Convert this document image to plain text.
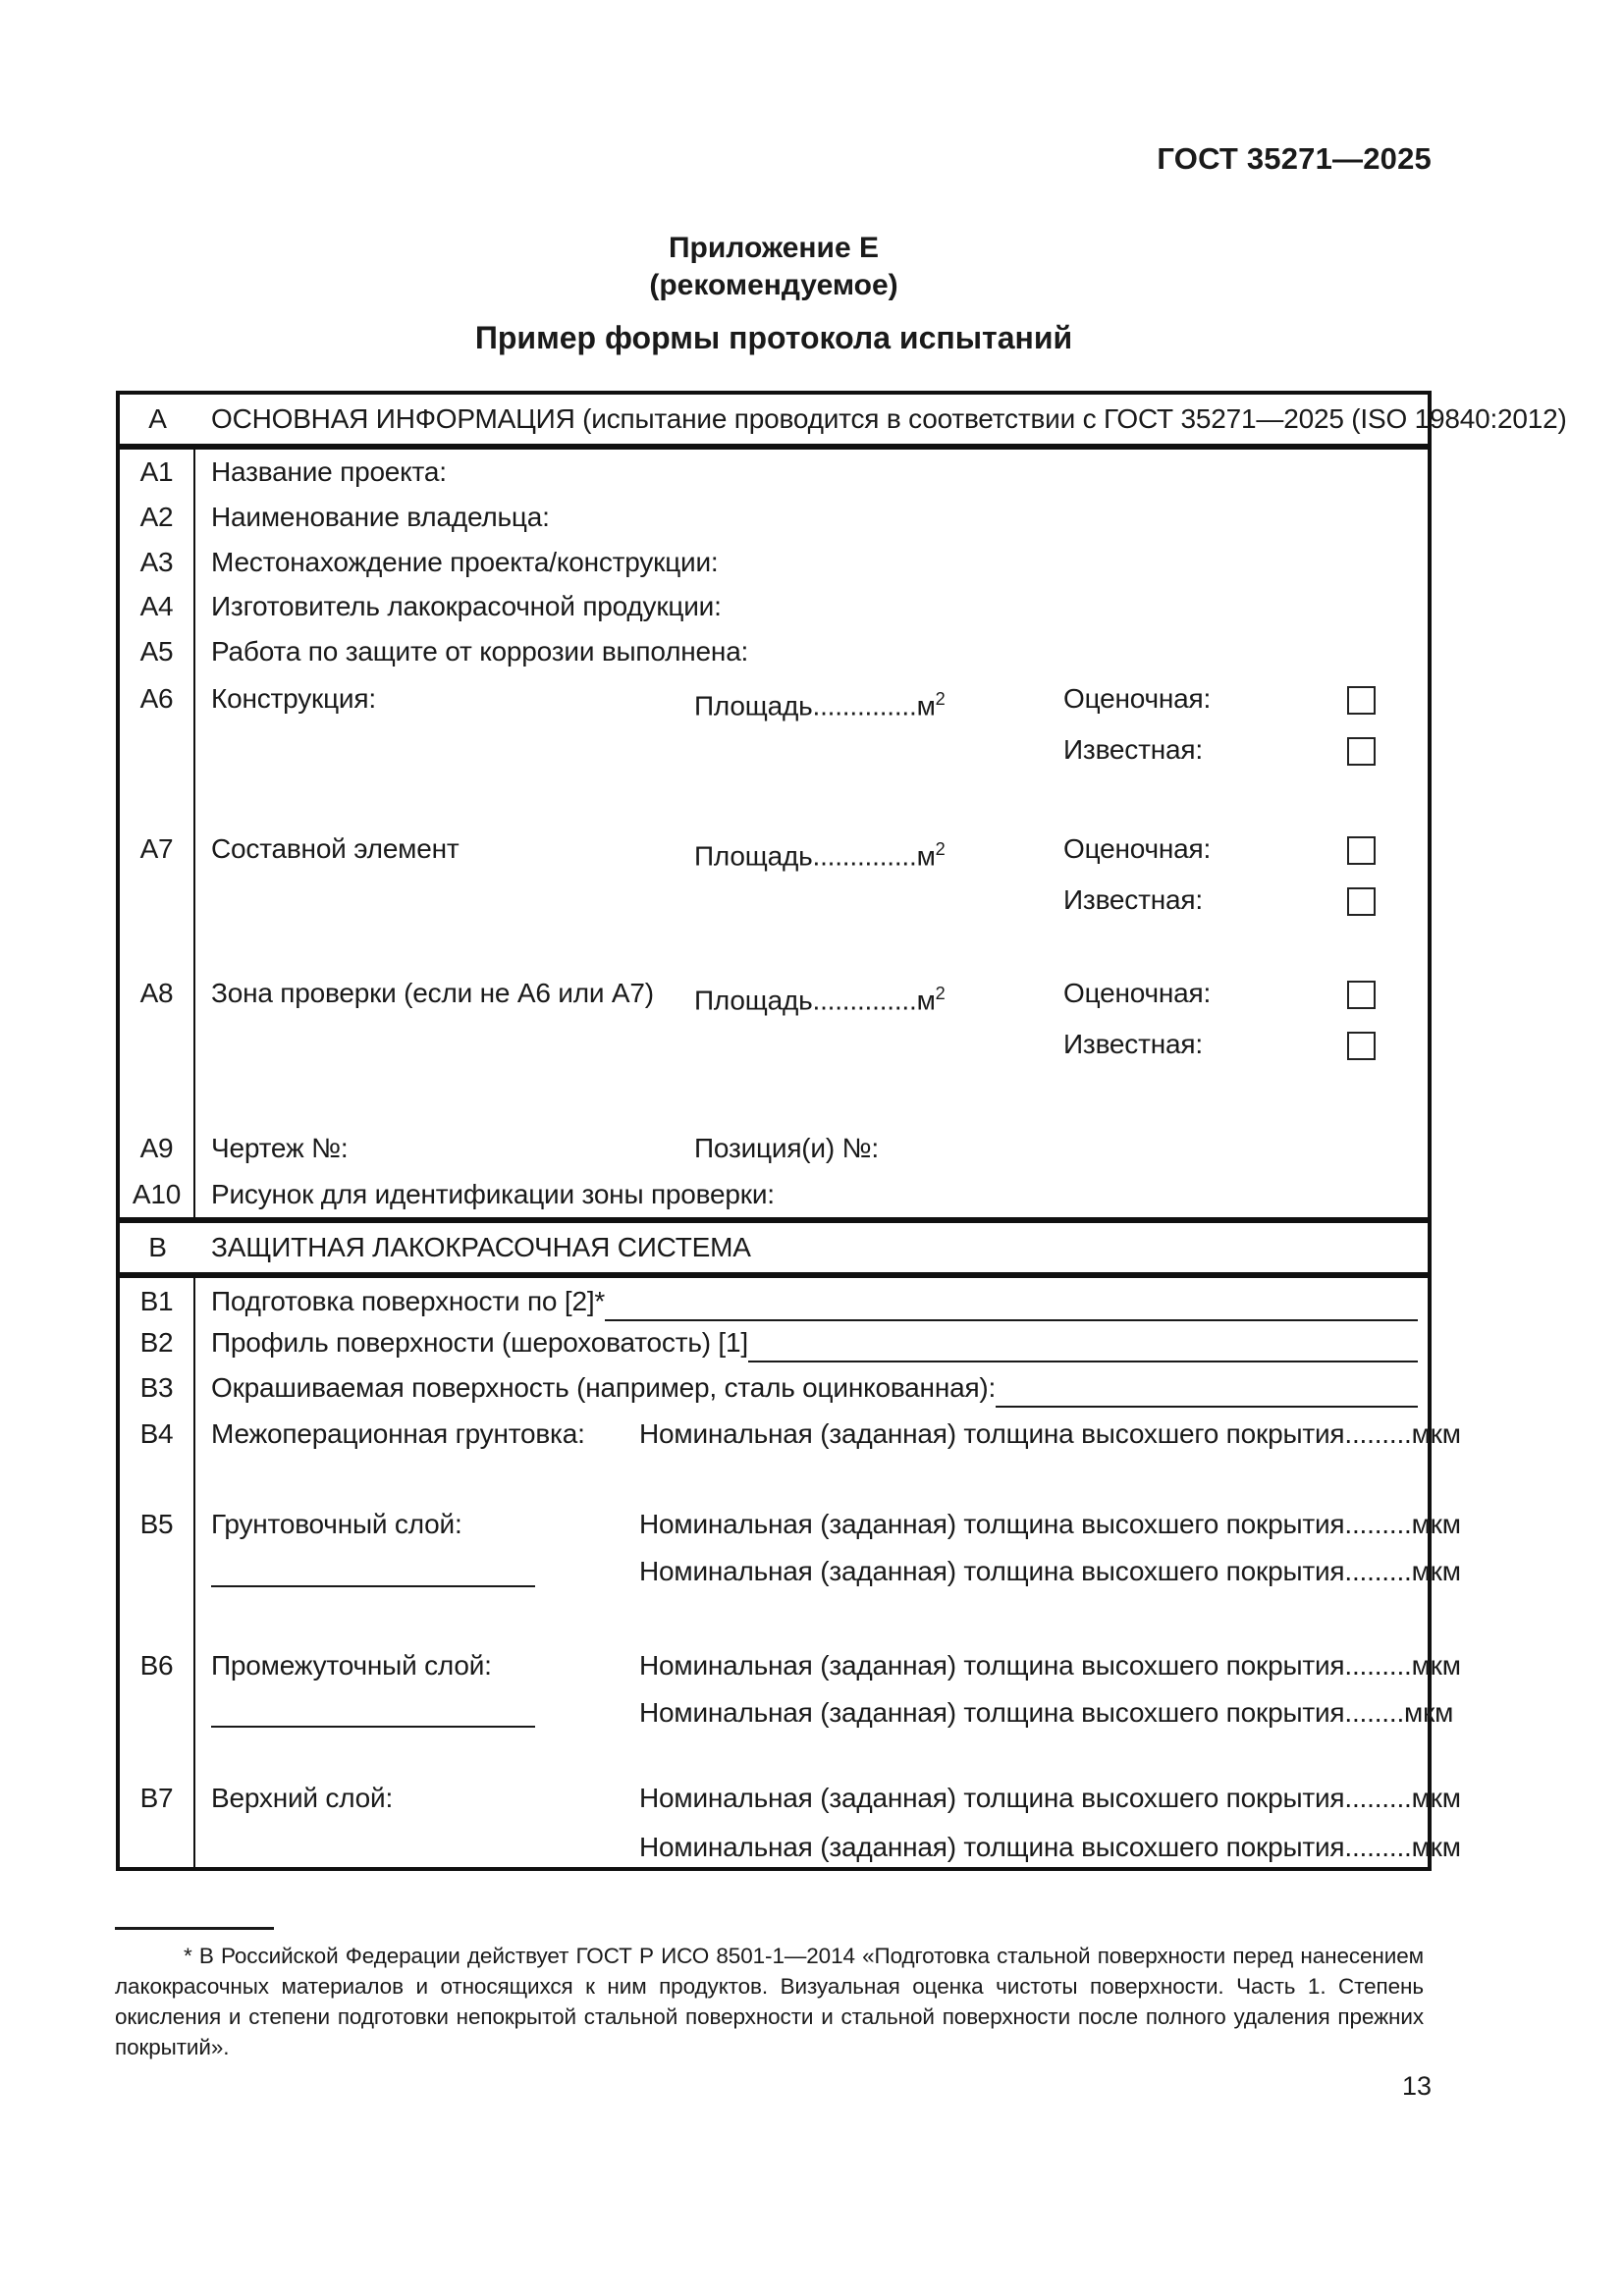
ГОСТ 35271—2025
Приложение Е
(рекомендуемое)
Пример формы протокола испытаний
А	ОСНОВНАЯ ИНФОРМАЦИЯ (испытание проводится в соответствии с ГОСТ 35271—2025 (ISO 19840:2012)
А1	Название проекта:
А2	Наименование владельца:
А3	Местонахождение проекта/конструкции:
А4	Изготовитель лакокрасочной продукции:
А5	Работа по защите от коррозии выполнена:
А6	Конструкция:	$Площадь..............м^2$	Оценочная:
Известная:
А7	Составной элемент	$Площадь..............м^2$	Оценочная:
Известная:
А8	Зона проверки (если не А6 или А7) $Площадь..............м^2$	Оценочная:
Известная:
А9	Чертеж №:	Позиция(и) №:
А10	Рисунок для идентификации зоны проверки:
В	ЗАЩИТНАЯ ЛАКОКРАСОЧНАЯ СИСТЕМА
В1	Подготовка поверхности по [2]*
В2	Профиль поверхности (шероховатость) [1]
В3	Окрашиваемая поверхность (например, сталь оцинкованная):
В4	Межоперационная грунтовка: Номинальная (заданная) толщина высохшего покрытия.........мкм
В5	Грунтовочный слой:	Номинальная (заданная) толщина высохшего покрытия.........мкм
Номинальная (заданная) толщина высохшего покрытия.........мкм
В6	Промежуточный слой:	Номинальная (заданная) толщина высохшего покрытия.........мкм
Номинальная (заданная) толщина высохшего покрытия........мкм
В7	Верхний слой:	Номинальная (заданная) толщина высохшего покрытия.........мкм
Номинальная (заданная) толщина высохшего покрытия.........мкм
* В Российской Федерации действует ГОСТ Р ИСО 8501-1—2014 «Подготовка стальной поверхности перед нанесением лакокрасочных материалов и относящихся к ним продуктов. Визуальная оценка чистоты поверхности. Часть 1. Степень окисления и степени подготовки непокрытой стальной поверхности и стальной поверхности после полного удаления прежних покрытий».
13
